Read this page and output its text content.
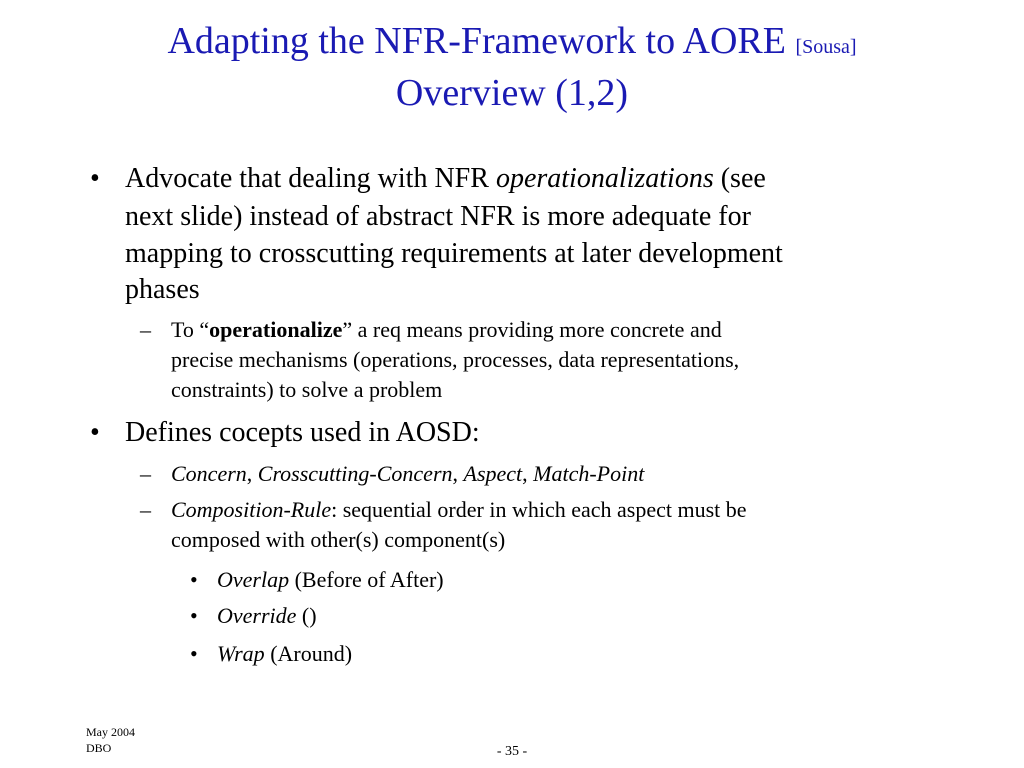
Adapting the NFR-Framework to AORE [Sousa]
Overview (1,2)
• Advocate that dealing with NFR operationalizations (see
next slide) instead of abstract NFR is more adequate for
mapping to crosscutting requirements at later development
phases
– To “operationalize” a req means providing more concrete and
precise mechanisms (operations, processes, data representations,
constraints) to solve a problem
• Defines cocepts used in AOSD:
– Concern, Crosscutting-Concern, Aspect, Match-Point
– Composition-Rule: sequential order in which each aspect must be
composed with other(s) component(s)
• Overlap (Before of After)
• Override ()
• Wrap (Around)
May 2004
DBO	- 35 -
